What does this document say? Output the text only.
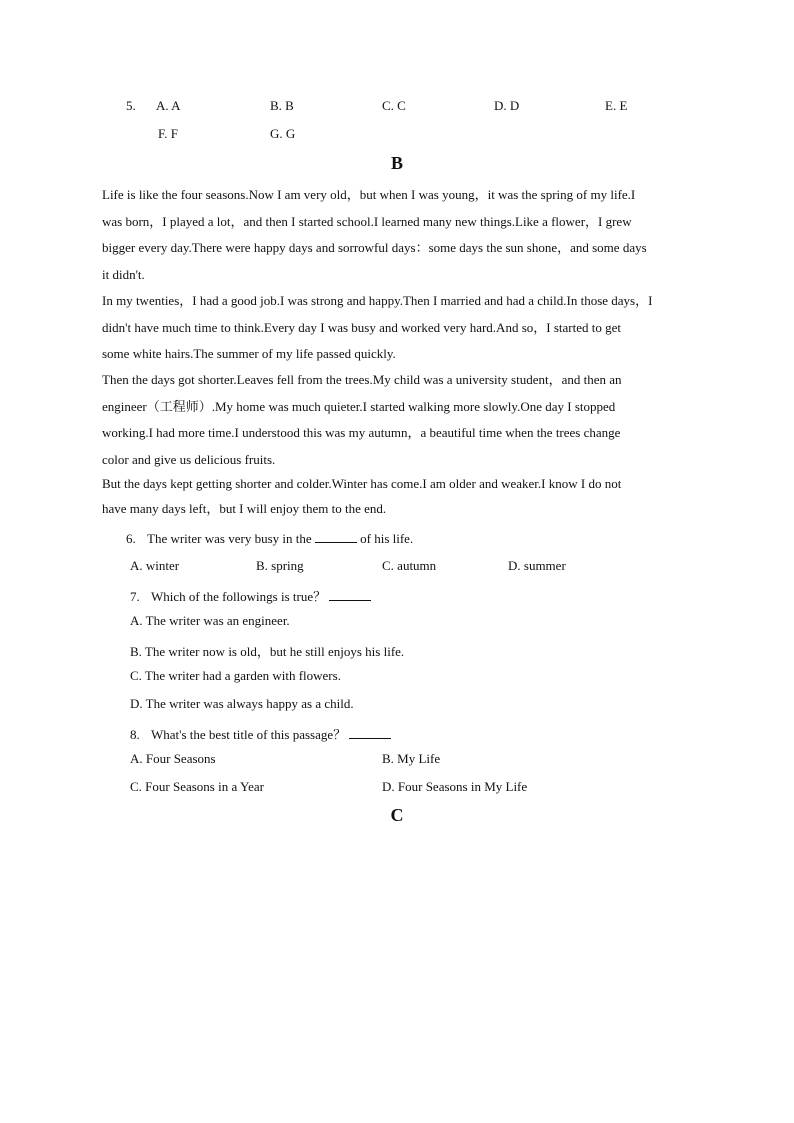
5. A. A	B. B	C. C	D. D	E. E
F. F	G. G
B
Life is like the four seasons.Now I am very old，but when I was young，it was the spring of my life.I
was born，I played a lot，and then I started school.I learned many new things.Like a flower，I grew
bigger every day.There were happy days and sorrowful days：some days the sun shone，and some days
it didn't.
In my twenties，I had a good job.I was strong and happy.Then I married and had a child.In those days，I
didn't have much time to think.Every day I was busy and worked very hard.And so，I started to get
some white hairs.The summer of my life passed quickly.
Then the days got shorter.Leaves fell from the trees.My child was a university student，and then an
engineer（工程师）.My home was much quieter.I started walking more slowly.One day I stopped
working.I had more time.I understood this was my autumn，a beautiful time when the trees change
color and give us delicious fruits.
But the days kept getting shorter and colder.Winter has come.I am older and weaker.I know I do not
have many days left，but I will enjoy them to the end.
6. The writer was very busy in the	of his life.
A. winter	B. spring	C. autumn	D. summer
7. Which of the followings is true？
A. The writer was an engineer.
B. The writer now is old，but he still enjoys his life.
C. The writer had a garden with flowers.
D. The writer was always happy as a child.
8. What's the best title of this passage？
A. Four Seasons	B. My Life
C. Four Seasons in a Year	D. Four Seasons in My Life
C
